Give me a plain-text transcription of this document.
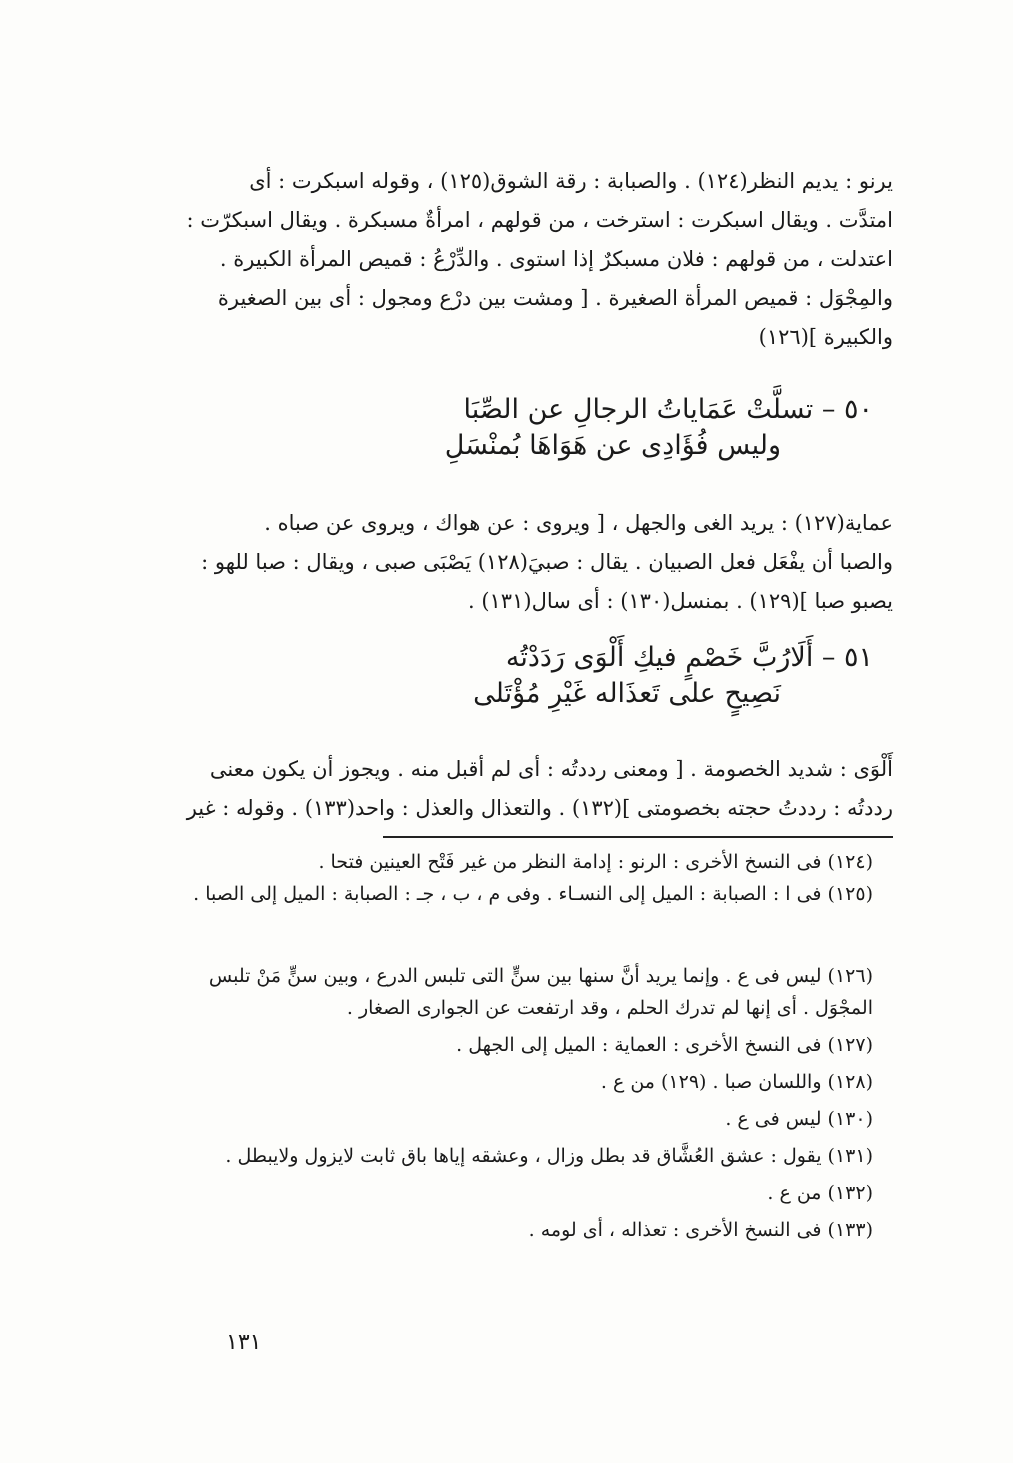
يرنو : يديم النظر(١٢٤) . والصبابة : رقة الشوق(١٢٥) ، وقوله اسبكرت : أى

امتدَّت . ويقال اسبكرت : استرخت ، من قولهم ، امرأةٌ مسبكرة . ويقال اسبكرّت :

اعتدلت ، من قولهم : فلان مسبكرٌ إذا استوى . والدِّرْعُ : قميص المرأة الكبيرة .

والمِجْوَل : قميص المرأة الصغيرة . [ ومشت بين درْع ومجول : أى بين الصغيرة

والكبيرة ](١٢٦)

٥٠ – تسلَّتْ عَمَاياتُ الرجالِ عن الصِّبَا
وليس فُؤَادِى عن هَوَاهَا بُمنْسَلِ

عماية(١٢٧) : يريد الغى والجهل ، [ ويروى : عن هواك ، ويروى عن صباه .

والصبا أن يفْعَل فعل الصبيان . يقال : صبيَ(١٢٨) يَصْبَى صبى ، ويقال : صبا للهو :

يصبو صبا ](١٢٩) . بمنسل(١٣٠) : أى سال(١٣١) .

٥١ – أَلَارُبَّ خَصْمٍ فيكِ أَلْوَى رَدَدْتُه
نَصِيحٍ على تَعذَاله غَيْرِ مُؤْتَلى

أَلْوَى : شديد الخصومة . [ ومعنى رددتُه : أى لم أقبل منه . ويجوز أن يكون معنى

رددتُه : رددتُ حجته بخصومتى ](١٣٢) . والتعذال والعذل : واحد(١٣٣) . وقوله : غير

(١٢٤) فى النسخ الأخرى : الرنو : إدامة النظر من غير فَتْح العينين فتحا .

(١٢٥) فى ا : الصبابة : الميل إلى النسـاء . وفى م ، ب ، جـ : الصبابة : الميل إلى الصبا .

(١٢٦) ليس فى ع . وإنما يريد أنَّ سنها بين سنٍّ التى تلبس الدرع ، وبين سنٍّ مَنْ تلبس المجْوَل . أى إنها لم تدرك الحلم ، وقد ارتفعت عن الجوارى الصغار .

(١٢٧) فى النسخ الأخرى : العماية : الميل إلى الجهل .

(١٢٨) واللسان صبا . (١٢٩) من ع .

(١٣٠) ليس فى ع .

(١٣١) يقول : عشق العُشَّاق قد بطل وزال ، وعشقه إياها باق ثابت لايزول ولايبطل .

(١٣٢) من ع .

(١٣٣) فى النسخ الأخرى : تعذاله ، أى لومه .

١٣١
